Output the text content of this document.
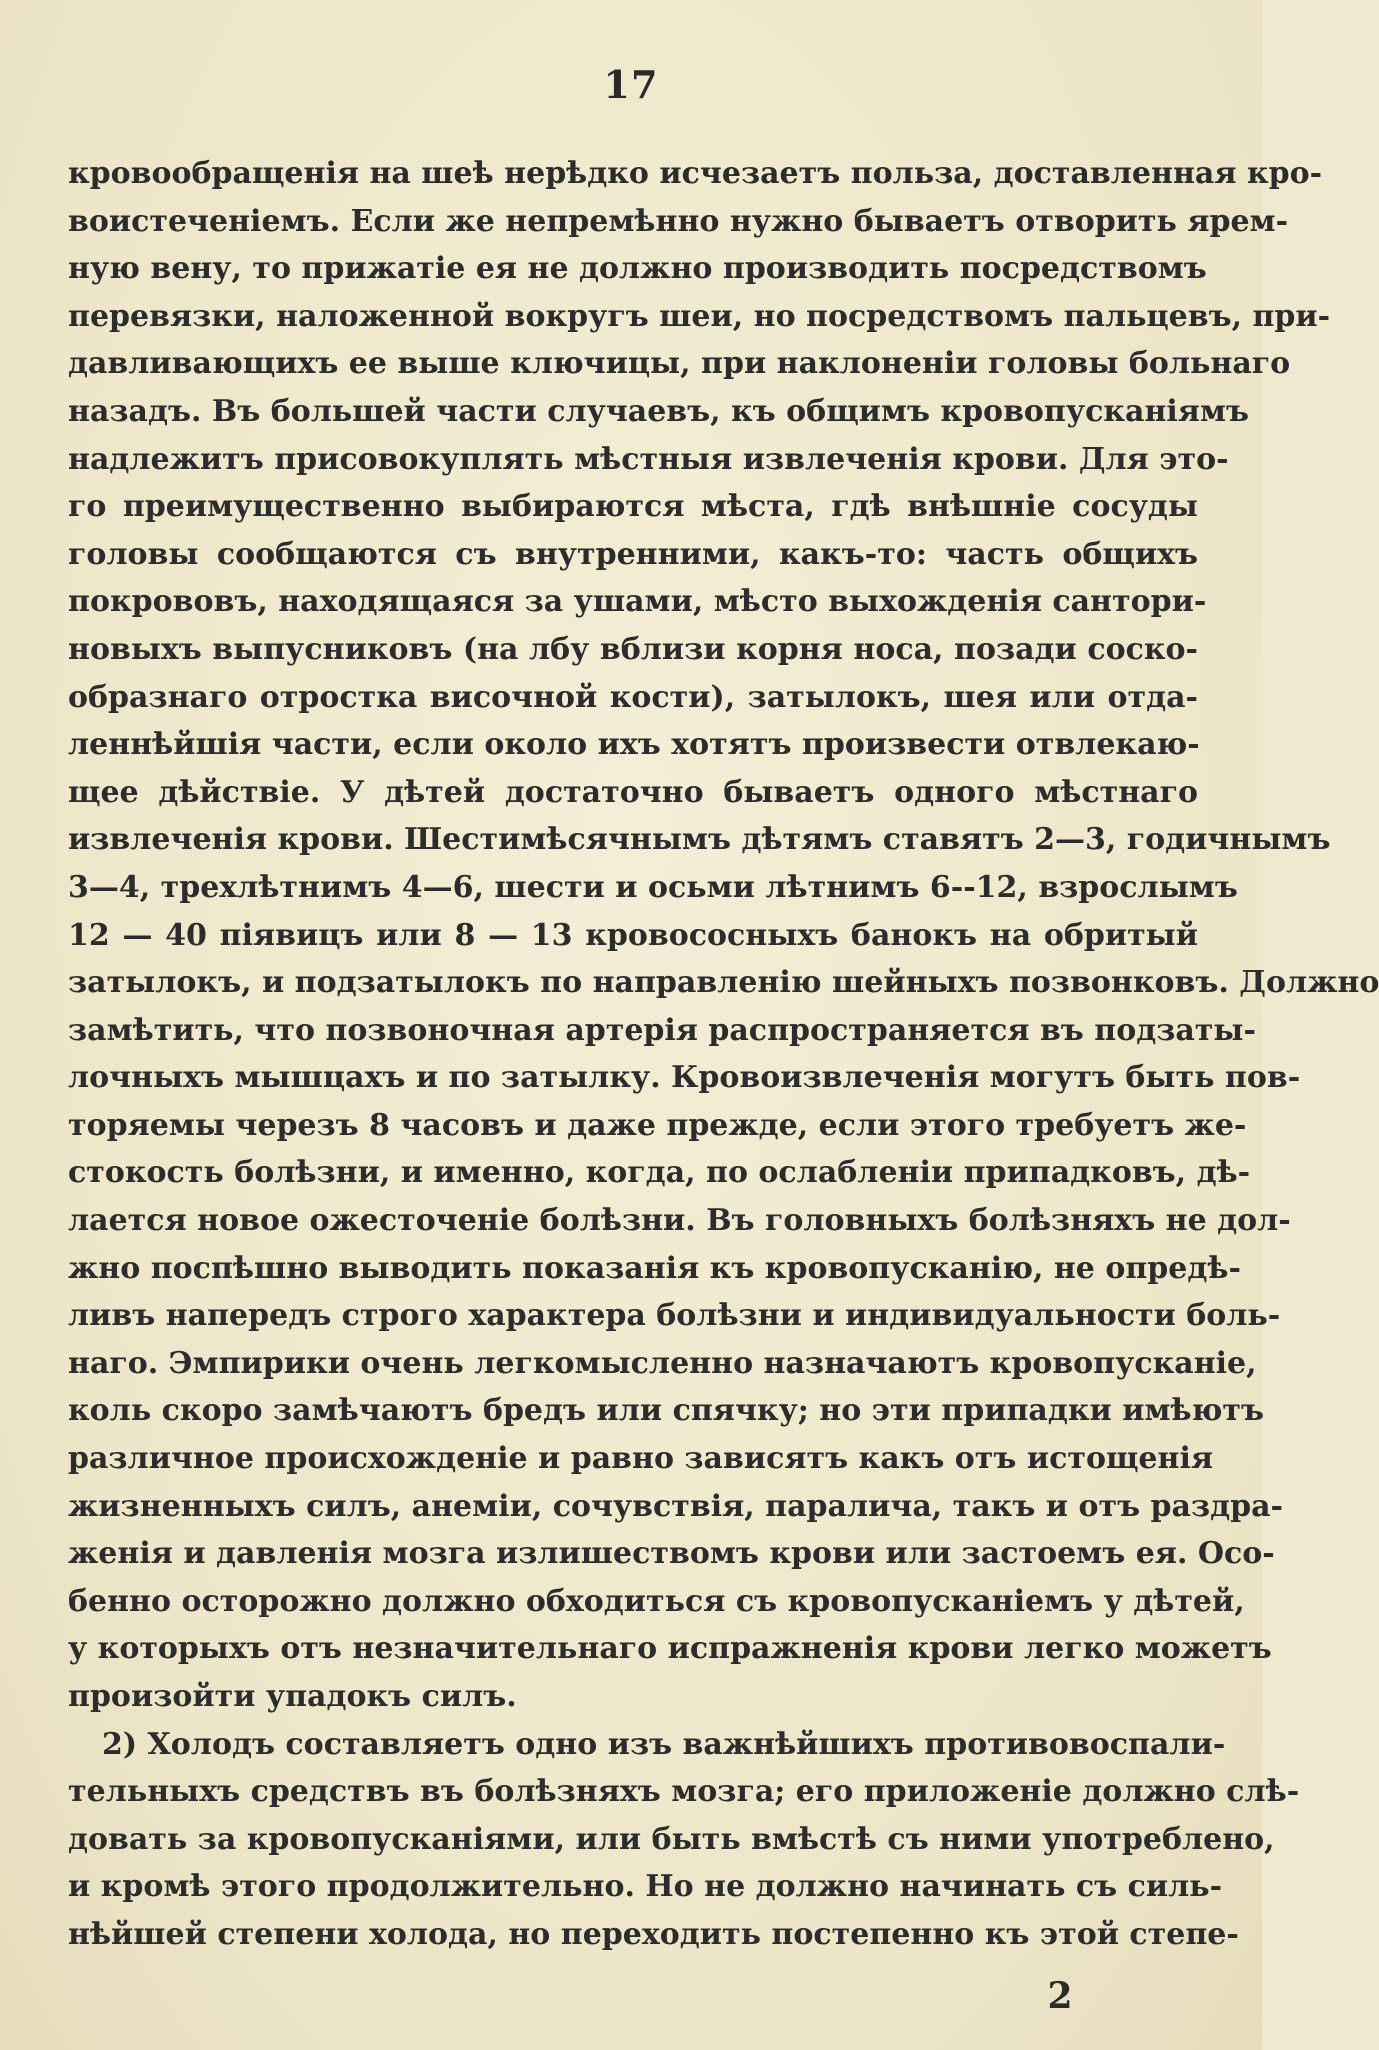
17
кровообращенія на шеѣ нерѣдко исчезаетъ польза, доставленная кро-
воистеченіемъ. Если же непремѣнно нужно бываетъ отворить ярем-
ную вену, то прижатіе ея не должно производить посредствомъ
перевязки, наложенной вокругъ шеи, но посредствомъ пальцевъ, при-
давливающихъ ее выше ключицы, при наклоненіи головы больнаго
назадъ. Въ большей части случаевъ, къ общимъ кровопусканіямъ
надлежитъ присовокуплять мѣстныя извлеченія крови. Для это-
го преимущественно выбираются мѣста, гдѣ внѣшніе сосуды
головы сообщаются съ внутренними, какъ-то: часть общихъ
покрововъ, находящаяся за ушами, мѣсто выхожденія сантори-
новыхъ выпусниковъ (на лбу вблизи корня носа, позади соско-
образнаго отростка височной кости), затылокъ, шея или отда-
леннѣйшія части, если около ихъ хотятъ произвести отвлекаю-
щее дѣйствіе. У дѣтей достаточно бываетъ одного мѣстнаго
извлеченія крови. Шестимѣсячнымъ дѣтямъ ставятъ 2—3, годичнымъ
3—4, трехлѣтнимъ 4—6, шести и осьми лѣтнимъ 6--12, взрослымъ
12 — 40 піявицъ или 8 — 13 кровососныхъ банокъ на обритый
затылокъ, и подзатылокъ по направленію шейныхъ позвонковъ. Должно
замѣтить, что позвоночная артерія распространяется въ подзаты-
лочныхъ мышцахъ и по затылку. Кровоизвлеченія могутъ быть пов-
торяемы черезъ 8 часовъ и даже прежде, если этого требуетъ же-
стокость болѣзни, и именно, когда, по ослабленіи припадковъ, дѣ-
лается новое ожесточеніе болѣзни. Въ головныхъ болѣзняхъ не дол-
жно поспѣшно выводить показанія къ кровопусканію, не опредѣ-
ливъ напередъ строго характера болѣзни и индивидуальности боль-
наго. Эмпирики очень легкомысленно назначаютъ кровопусканіе,
коль скоро замѣчаютъ бредъ или спячку; но эти припадки имѣютъ
различное происхожденіе и равно зависятъ какъ отъ истощенія
жизненныхъ силъ, анеміи, сочувствія, паралича, такъ и отъ раздра-
женія и давленія мозга излишествомъ крови или застоемъ ея. Осо-
бенно осторожно должно обходиться съ кровопусканіемъ у дѣтей,
у которыхъ отъ незначительнаго испражненія крови легко можетъ
произойти упадокъ силъ.
2) Холодъ составляетъ одно изъ важнѣйшихъ противовоспали-
тельныхъ средствъ въ болѣзняхъ мозга; его приложеніе должно слѣ-
довать за кровопусканіями, или быть вмѣстѣ съ ними употреблено,
и кромѣ этого продолжительно. Но не должно начинать съ силь-
нѣйшей степени холода, но переходить постепенно къ этой степе-
2
